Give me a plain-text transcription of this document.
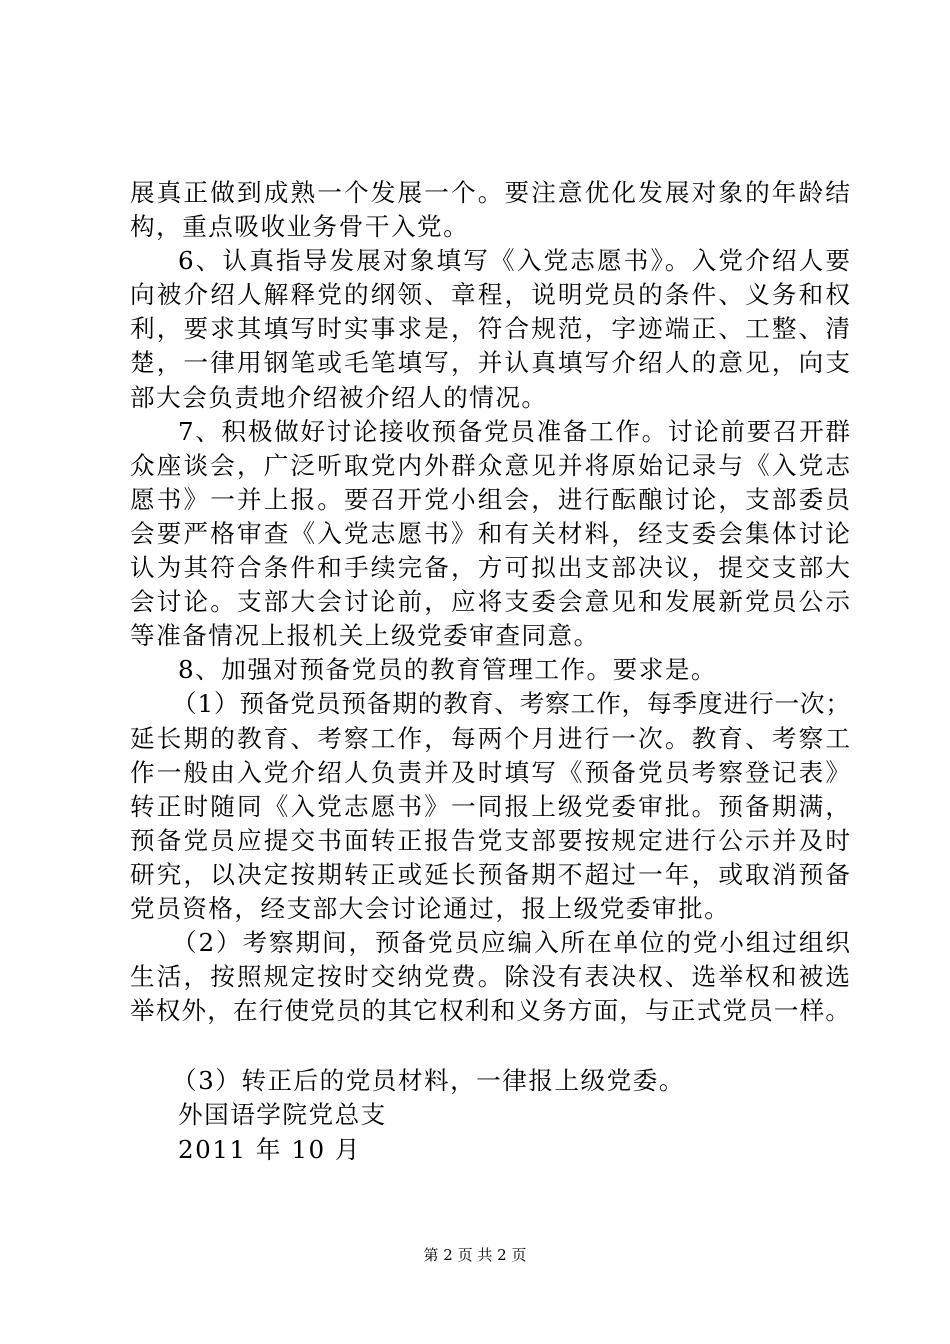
展真正做到成熟一个发展一个。要注意优化发展对象的年龄结
构，重点吸收业务骨干入党。
6、认真指导发展对象填写《入党志愿书》。入党介绍人要
向被介绍人解释党的纲领、章程，说明党员的条件、义务和权
利，要求其填写时实事求是，符合规范，字迹端正、工整、清
楚，一律用钢笔或毛笔填写，并认真填写介绍人的意见，向支
部大会负责地介绍被介绍人的情况。
7、积极做好讨论接收预备党员准备工作。讨论前要召开群
众座谈会，广泛听取党内外群众意见并将原始记录与《入党志
愿书》一并上报。要召开党小组会，进行酝酿讨论，支部委员
会要严格审查《入党志愿书》和有关材料，经支委会集体讨论
认为其符合条件和手续完备，方可拟出支部决议，提交支部大
会讨论。支部大会讨论前，应将支委会意见和发展新党员公示
等准备情况上报机关上级党委审查同意。
8、加强对预备党员的教育管理工作。要求是。
（1）预备党员预备期的教育、考察工作，每季度进行一次；
延长期的教育、考察工作，每两个月进行一次。教育、考察工
作一般由入党介绍人负责并及时填写《预备党员考察登记表》
转正时随同《入党志愿书》一同报上级党委审批。预备期满，
预备党员应提交书面转正报告党支部要按规定进行公示并及时
研究，以决定按期转正或延长预备期不超过一年，或取消预备
党员资格，经支部大会讨论通过，报上级党委审批。
（2）考察期间，预备党员应编入所在单位的党小组过组织
生活，按照规定按时交纳党费。除没有表决权、选举权和被选
举权外，在行使党员的其它权利和义务方面，与正式党员一样。
（3）转正后的党员材料，一律报上级党委。
外国语学院党总支
2011 年 10 月
第 2 页 共 2 页
